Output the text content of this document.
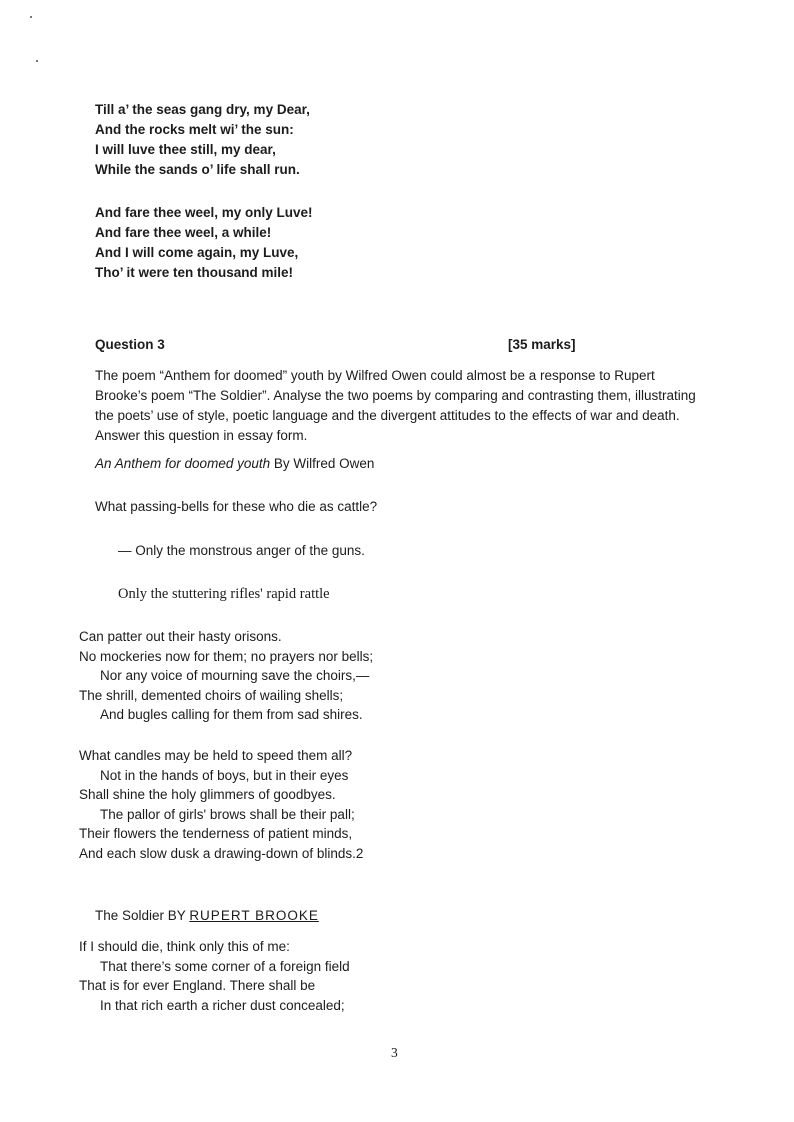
Till a’ the seas gang dry, my Dear,
And the rocks melt wi’ the sun:
I will luve thee still, my dear,
While the sands o’ life shall run.
And fare thee weel, my only Luve!
And fare thee weel, a while!
And I will come again, my Luve,
Tho’ it were ten thousand mile!
Question 3	[35 marks]
The poem “Anthem for doomed” youth by Wilfred Owen could almost be a response to Rupert Brooke’s poem “The Soldier”. Analyse the two poems by comparing and contrasting them, illustrating the poets’ use of style, poetic language and the divergent attitudes to the effects of war and death. Answer this question in essay form.
An Anthem for doomed youth By Wilfred Owen
What passing-bells for these who die as cattle?
— Only the monstrous anger of the guns.
Only the stuttering rifles' rapid rattle
Can patter out their hasty orisons.
No mockeries now for them; no prayers nor bells;
Nor any voice of mourning save the choirs,—
The shrill, demented choirs of wailing shells;
And bugles calling for them from sad shires.
What candles may be held to speed them all?
Not in the hands of boys, but in their eyes
Shall shine the holy glimmers of goodbyes.
The pallor of girls' brows shall be their pall;
Their flowers the tenderness of patient minds,
And each slow dusk a drawing-down of blinds.2
The Soldier BY RUPERT BROOKE
If I should die, think only this of me:
That there’s some corner of a foreign field
That is for ever England. There shall be
In that rich earth a richer dust concealed;
3
